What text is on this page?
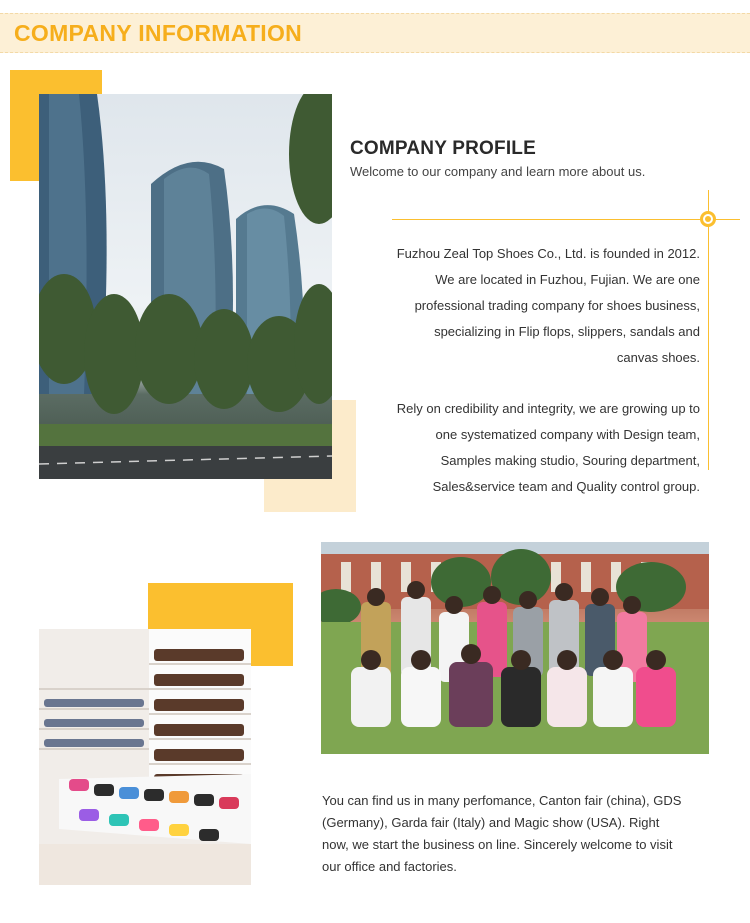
COMPANY INFORMATION
COMPANY PROFILE
Welcome to our company and learn more about us.
Fuzhou Zeal Top Shoes Co., Ltd. is founded in 2012.
We are located in Fuzhou, Fujian. We are one
professional trading company for shoes business,
specializing in Flip flops, slippers, sandals and
canvas shoes.
Rely on credibility and integrity, we are growing up to
one systematized company with Design team,
Samples making studio, Souring department,
Sales&service team and Quality control group.
You can find us in many perfomance, Canton fair (china), GDS
(Germany), Garda fair (Italy) and Magic show (USA). Right
now, we start the business on line. Sincerely welcome to visit
our office and factories.
